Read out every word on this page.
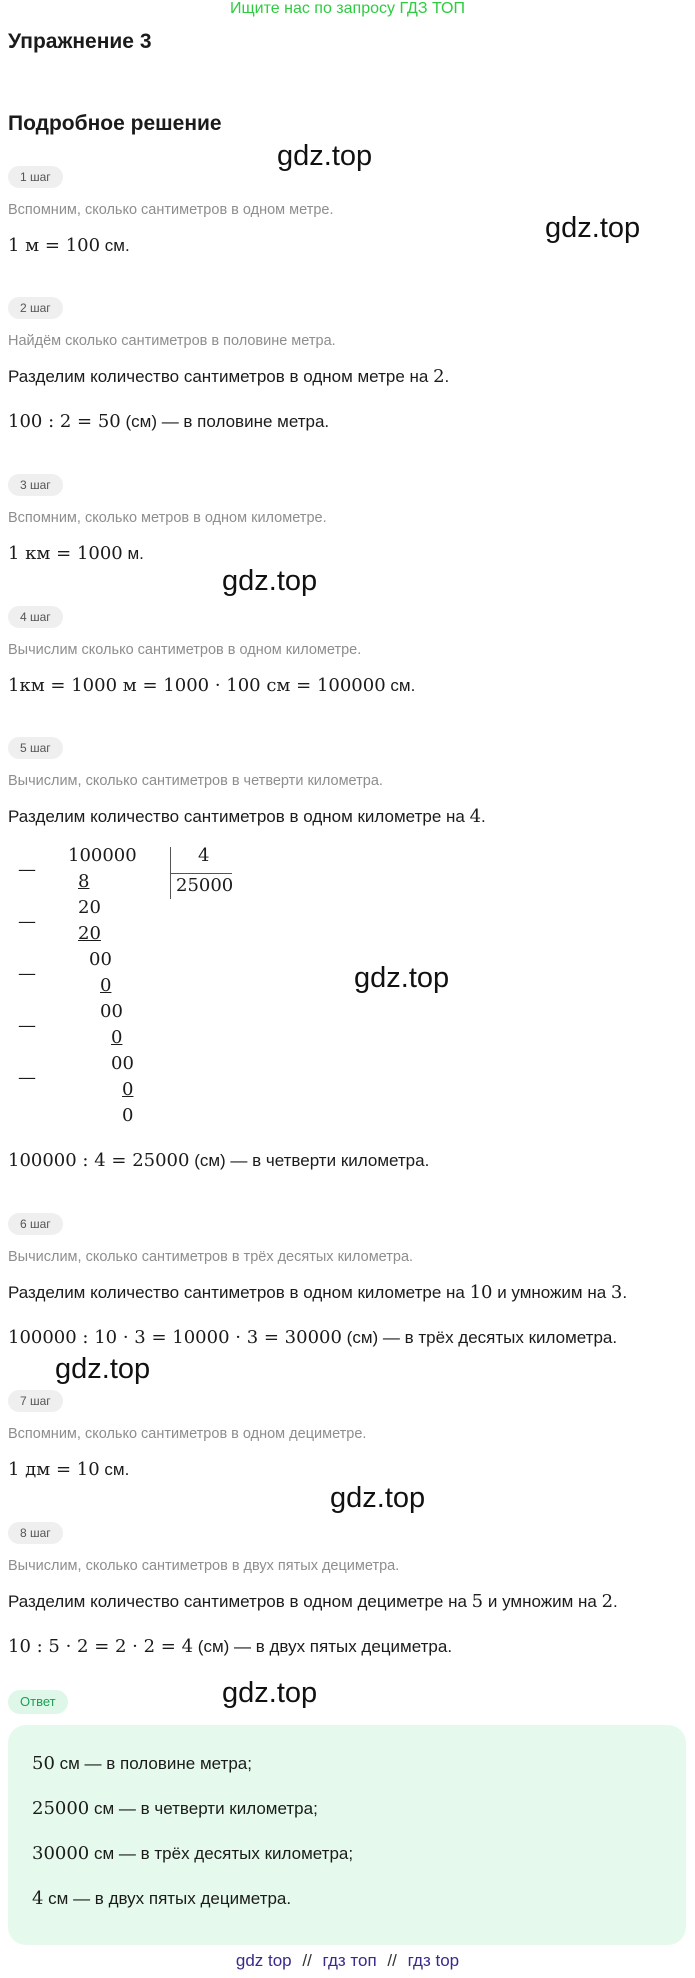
Ищите нас по запросу ГДЗ ТОП
Упражнение 3
Подробное решение
gdz.top
gdz.top
gdz.top
gdz.top
gdz.top
gdz.top
gdz.top
1 шаг
Вспомним, сколько сантиметров в одном метре.
1 м = 100 см.
2 шаг
Найдём сколько сантиметров в половине метра.
Разделим количество сантиметров в одном метре на 2.
100 : 2 = 50 (см) — в половине метра.
3 шаг
Вспомним, сколько метров в одном километре.
1 км = 1000 м.
4 шаг
Вычислим сколько сантиметров в одном километре.
1км = 1000 м = 1000 · 100 см = 100000 см.
5 шаг
Вычислим, сколько сантиметров в четверти километра.
Разделим количество сантиметров в одном километре на 4.
—
—
—
—
—
100000
8
20
20
00
0
00
0
00
0
0
4
25000
100000 : 4 = 25000 (см) — в четверти километра.
6 шаг
Вычислим, сколько сантиметров в трёх десятых километра.
Разделим количество сантиметров в одном километре на 10 и умножим на 3.
100000 : 10 · 3 = 10000 · 3 = 30000 (см) — в трёх десятых километра.
7 шаг
Вспомним, сколько сантиметров в одном дециметре.
1 дм = 10 см.
8 шаг
Вычислим, сколько сантиметров в двух пятых дециметра.
Разделим количество сантиметров в одном дециметре на 5 и умножим на 2.
10 : 5 · 2 = 2 · 2 = 4 (см) — в двух пятых дециметра.
Ответ
50 см — в половине метра;
25000 см — в четверти километра;
30000 см — в трёх десятых километра;
4 см — в двух пятых дециметра.
gdz top // гдз топ // гдз top
